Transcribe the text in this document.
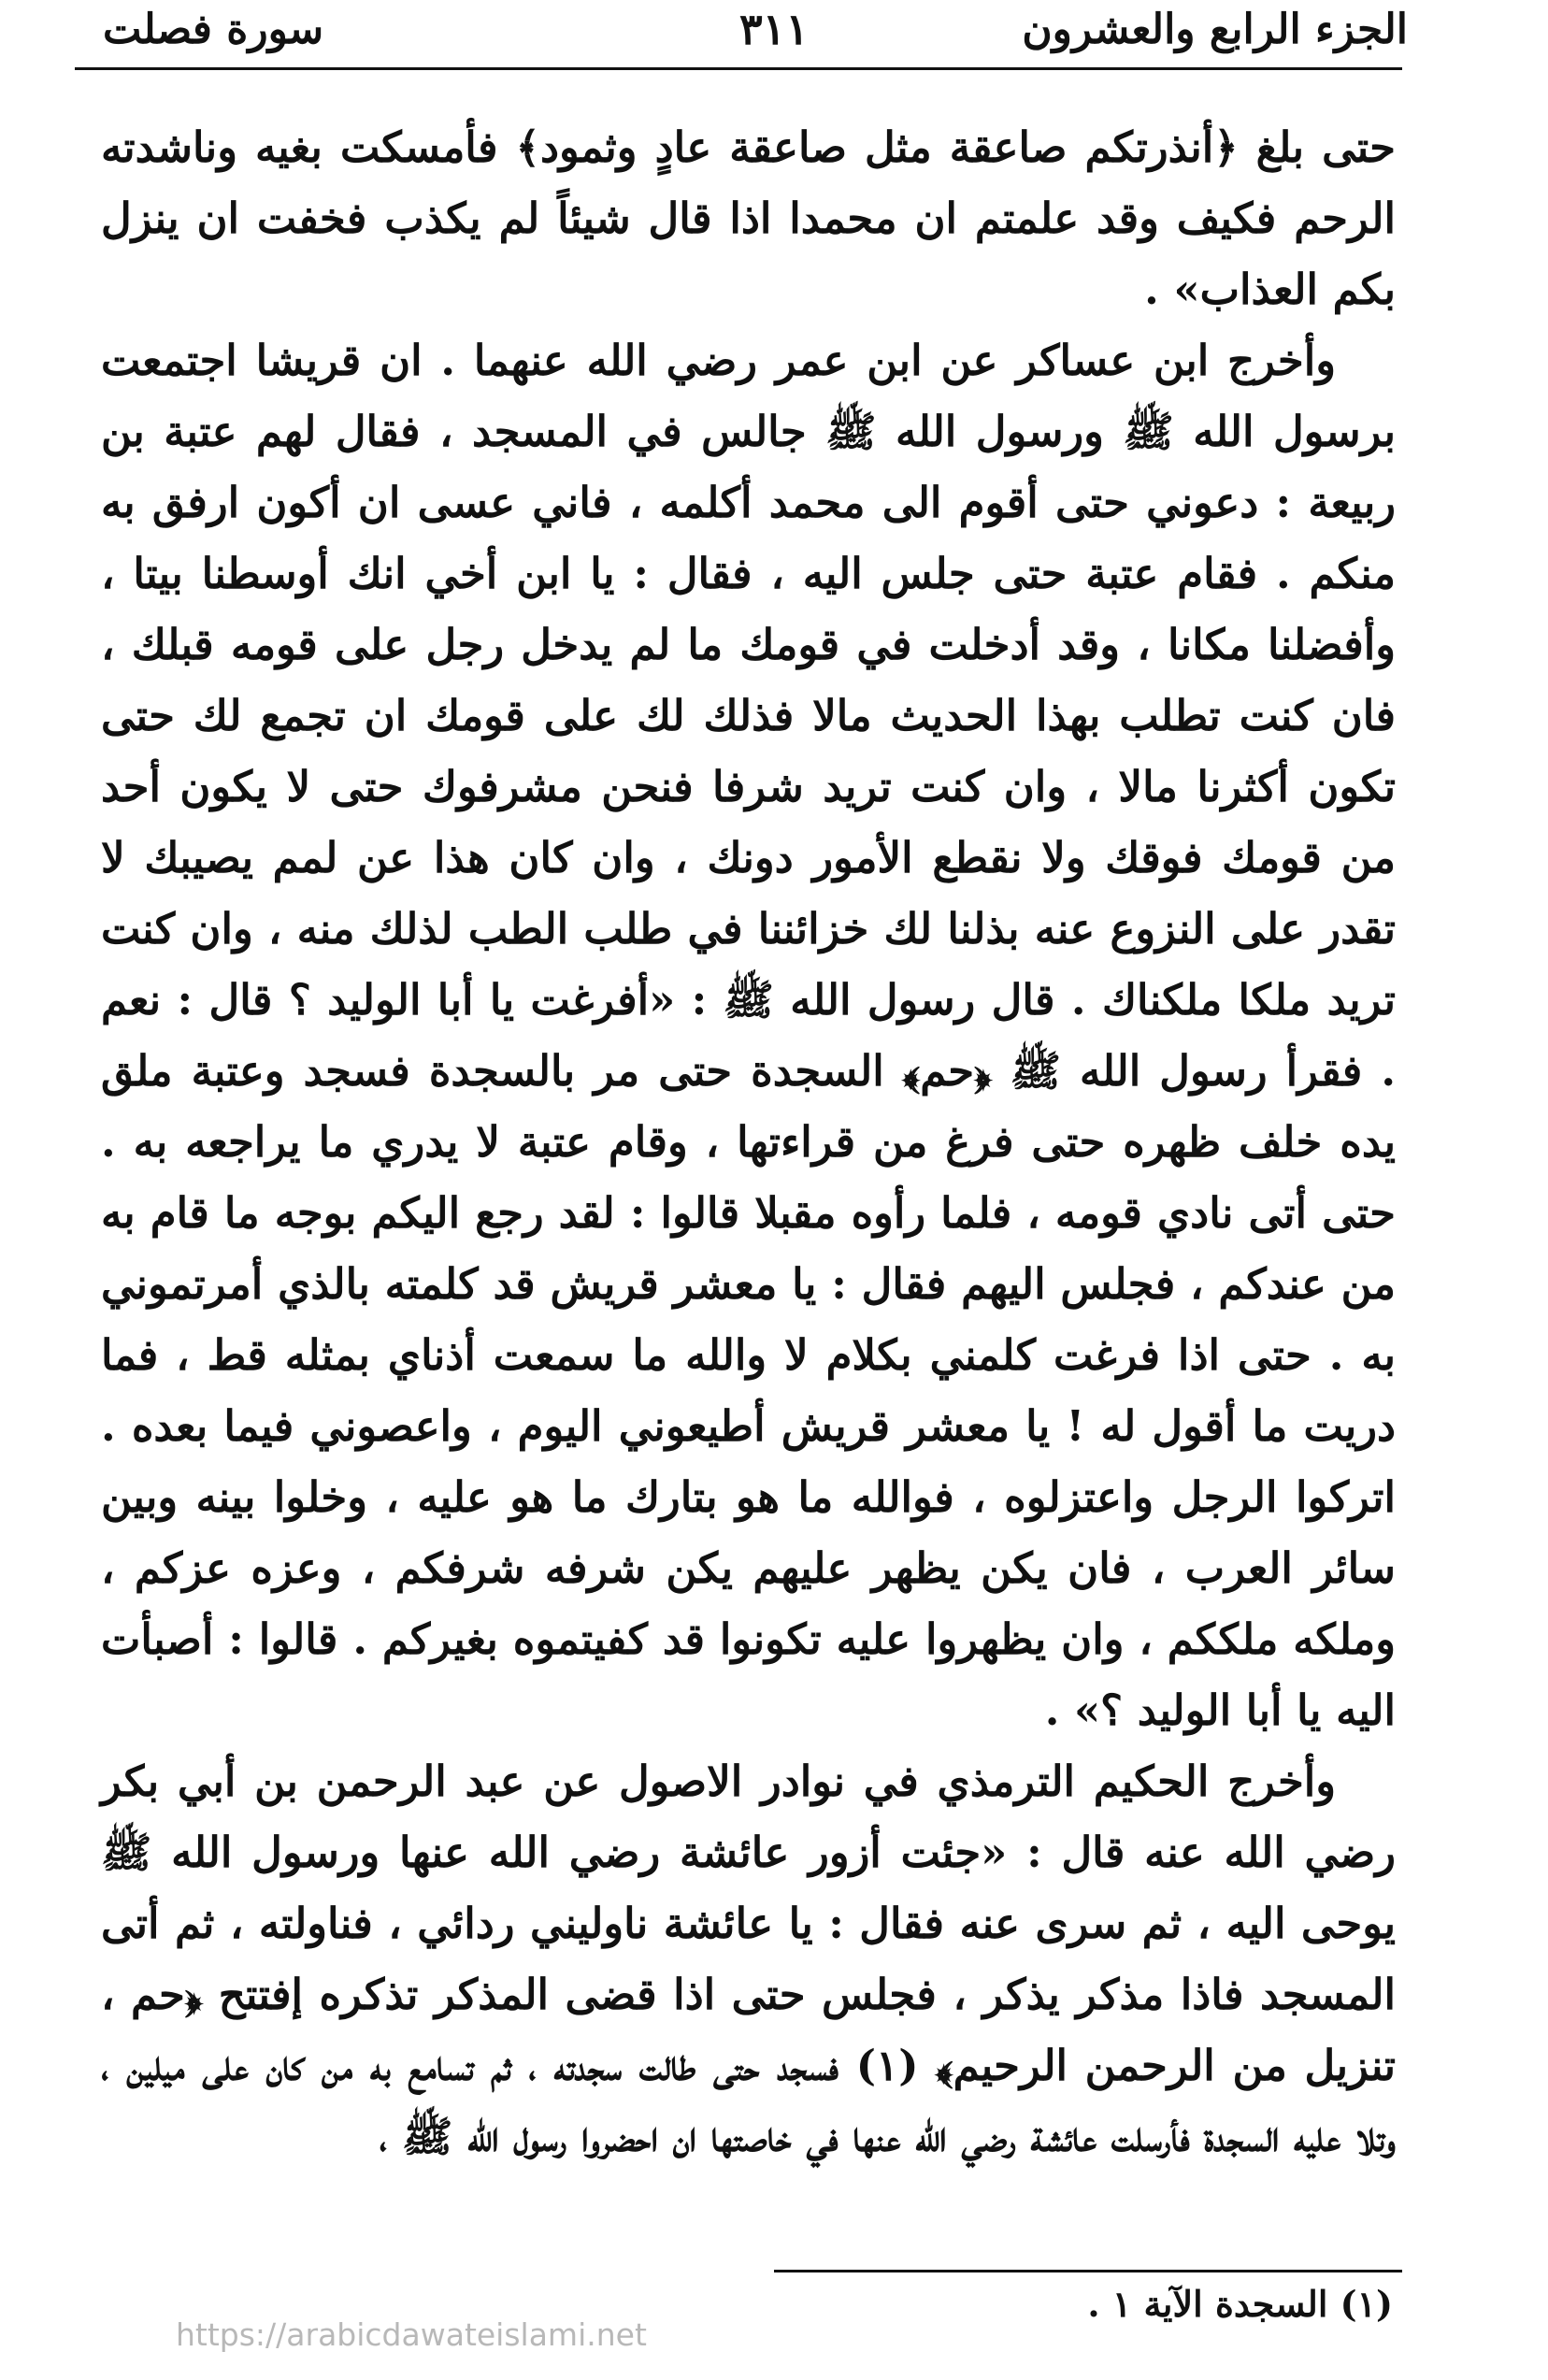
الجزء الرابع والعشرون
٣١١
سورة فصلت

حتى بلغ ﴿أنذرتكم صاعقة مثل صاعقة عادٍ وثمود﴾ فأمسكت بغيه وناشدته الرحم فكيف وقد علمتم ان محمدا اذا قال شيئاً لم يكذب فخفت ان ينزل بكم العذاب» .

وأخرج ابن عساكر عن ابن عمر رضي الله عنهما . ان قريشا اجتمعت برسول الله ﷺ ورسول الله ﷺ جالس في المسجد ، فقال لهم عتبة بن ربيعة : دعوني حتى أقوم الى محمد أكلمه ، فاني عسى ان أكون ارفق به منكم . فقام عتبة حتى جلس اليه ، فقال : يا ابن أخي انك أوسطنا بيتا ، وأفضلنا مكانا ، وقد أدخلت في قومك ما لم يدخل رجل على قومه قبلك ، فان كنت تطلب بهذا الحديث مالا فذلك لك على قومك ان تجمع لك حتى تكون أكثرنا مالا ، وان كنت تريد شرفا فنحن مشرفوك حتى لا يكون أحد من قومك فوقك ولا نقطع الأمور دونك ، وان كان هذا عن لمم يصيبك لا تقدر على النزوع عنه بذلنا لك خزائننا في طلب الطب لذلك منه ، وان كنت تريد ملكا ملكناك . قال رسول الله ﷺ : «أفرغت يا أبا الوليد ؟ قال : نعم . فقرأ رسول الله ﷺ ﴿حم﴾ السجدة حتى مر بالسجدة فسجد وعتبة ملق يده خلف ظهره حتى فرغ من قراءتها ، وقام عتبة لا يدري ما يراجعه به . حتى أتى نادي قومه ، فلما رأوه مقبلا قالوا : لقد رجع اليكم بوجه ما قام به من عندكم ، فجلس اليهم فقال : يا معشر قريش قد كلمته بالذي أمرتموني به . حتى اذا فرغت كلمني بكلام لا والله ما سمعت أذناي بمثله قط ، فما دريت ما أقول له ! يا معشر قريش أطيعوني اليوم ، واعصوني فيما بعده . اتركوا الرجل واعتزلوه ، فوالله ما هو بتارك ما هو عليه ، وخلوا بينه وبين سائر العرب ، فان يكن يظهر عليهم يكن شرفه شرفكم ، وعزه عزكم ، وملكه ملككم ، وان يظهروا عليه تكونوا قد كفيتموه بغيركم . قالوا : أصبأت اليه يا أبا الوليد ؟» .

وأخرج الحكيم الترمذي في نوادر الاصول عن عبد الرحمن بن أبي بكر رضي الله عنه قال : «جئت أزور عائشة رضي الله عنها ورسول الله ﷺ يوحى اليه ، ثم سرى عنه فقال : يا عائشة ناوليني ردائي ، فناولته ، ثم أتى المسجد فاذا مذكر يذكر ، فجلس حتى اذا قضى المذكر تذكره إفتتح ﴿حم ، تنزيل من الرحمن الرحيم﴾ (١) فسجد حتى طالت سجدته ، ثم تسامع به من كان على ميلين ، وتلا عليه السجدة فأرسلت عائشة رضي الله عنها في خاصتها ان احضروا رسول الله ﷺ ،

(١) السجدة الآية ١ .
https://arabicdawateislami.net
